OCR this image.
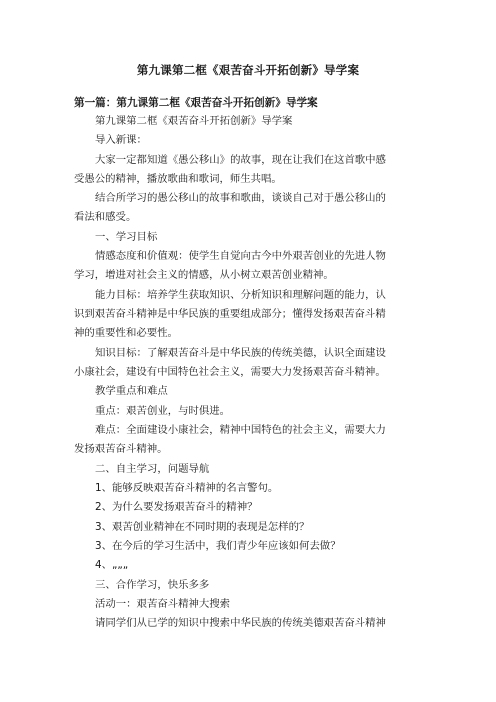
第九课第二框《艰苦奋斗开拓创新》导学案
第一篇：第九课第二框《艰苦奋斗开拓创新》导学案
第九课第二框《艰苦奋斗开拓创新》导学案
导入新课：
大家一定都知道《愚公移山》的故事，现在让我们在这首歌中感
受愚公的精神，播放歌曲和歌词，师生共唱。
结合所学习的愚公移山的故事和歌曲，谈谈自己对于愚公移山的
看法和感受。
一、学习目标
情感态度和价值观：使学生自觉向古今中外艰苦创业的先进人物
学习，增进对社会主义的情感，从小树立艰苦创业精神。
能力目标：培养学生获取知识、分析知识和理解问题的能力，认
识到艰苦奋斗精神是中华民族的重要组成部分；懂得发扬艰苦奋斗精
神的重要性和必要性。
知识目标：了解艰苦奋斗是中华民族的传统美德，认识全面建设
小康社会，建设有中国特色社会主义，需要大力发扬艰苦奋斗精神。
教学重点和难点
重点：艰苦创业，与时俱进。
难点：全面建设小康社会，精神中国特色的社会主义，需要大力
发扬艰苦奋斗精神。
二、自主学习，问题导航
1、能够反映艰苦奋斗精神的名言警句。
2、为什么要发扬艰苦奋斗的精神？
3、艰苦创业精神在不同时期的表现是怎样的？
3、在今后的学习生活中，我们青少年应该如何去做？
4、„„„
三、合作学习，快乐多多
活动一：艰苦奋斗精神大搜索
请同学们从已学的知识中搜索中华民族的传统美德艰苦奋斗精神
